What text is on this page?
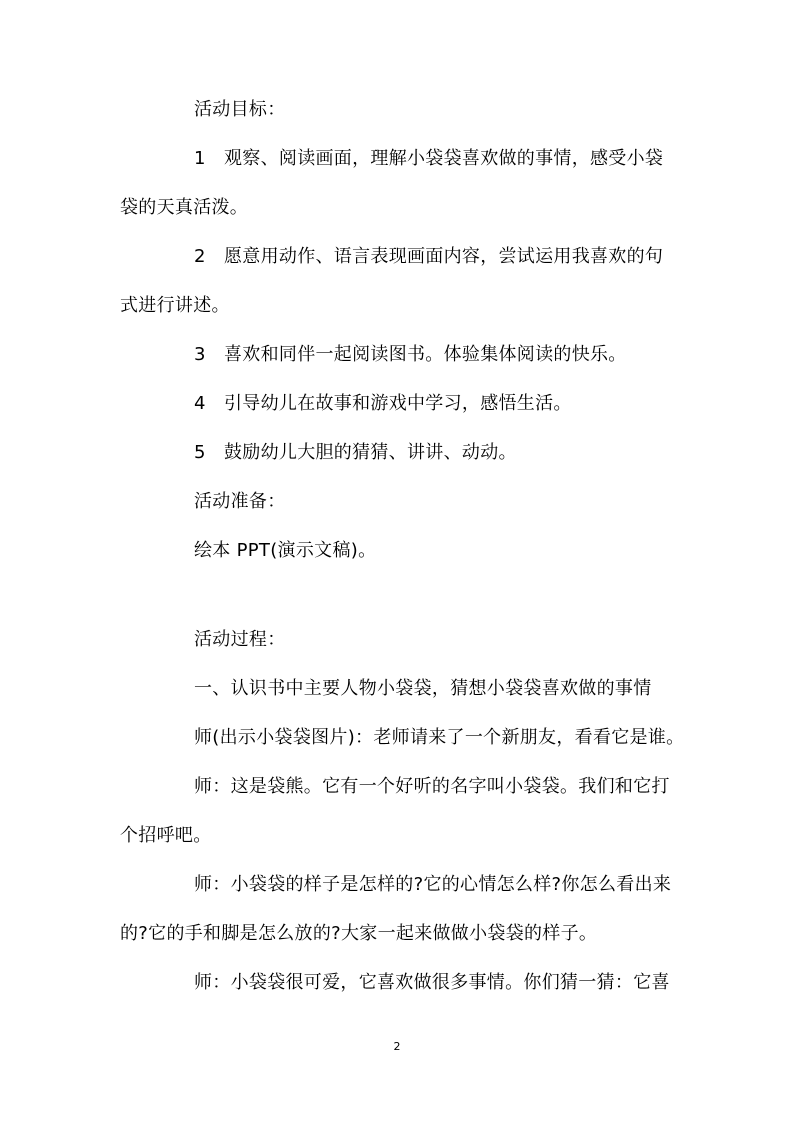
活动目标：
1 观察、阅读画面，理解小袋袋喜欢做的事情，感受小袋
袋的天真活泼。
2 愿意用动作、语言表现画面内容，尝试运用我喜欢的句
式进行讲述。
3 喜欢和同伴一起阅读图书。体验集体阅读的快乐。
4 引导幼儿在故事和游戏中学习，感悟生活。
5 鼓励幼儿大胆的猜猜、讲讲、动动。
活动准备：
绘本 PPT(演示文稿)。
活动过程：
一、认识书中主要人物小袋袋，猜想小袋袋喜欢做的事情
师(出示小袋袋图片)：老师请来了一个新朋友，看看它是谁。
师：这是袋熊。它有一个好听的名字叫小袋袋。我们和它打
个招呼吧。
师：小袋袋的样子是怎样的?它的心情怎么样?你怎么看出来
的?它的手和脚是怎么放的?大家一起来做做小袋袋的样子。
师：小袋袋很可爱，它喜欢做很多事情。你们猜一猜：它喜
2
